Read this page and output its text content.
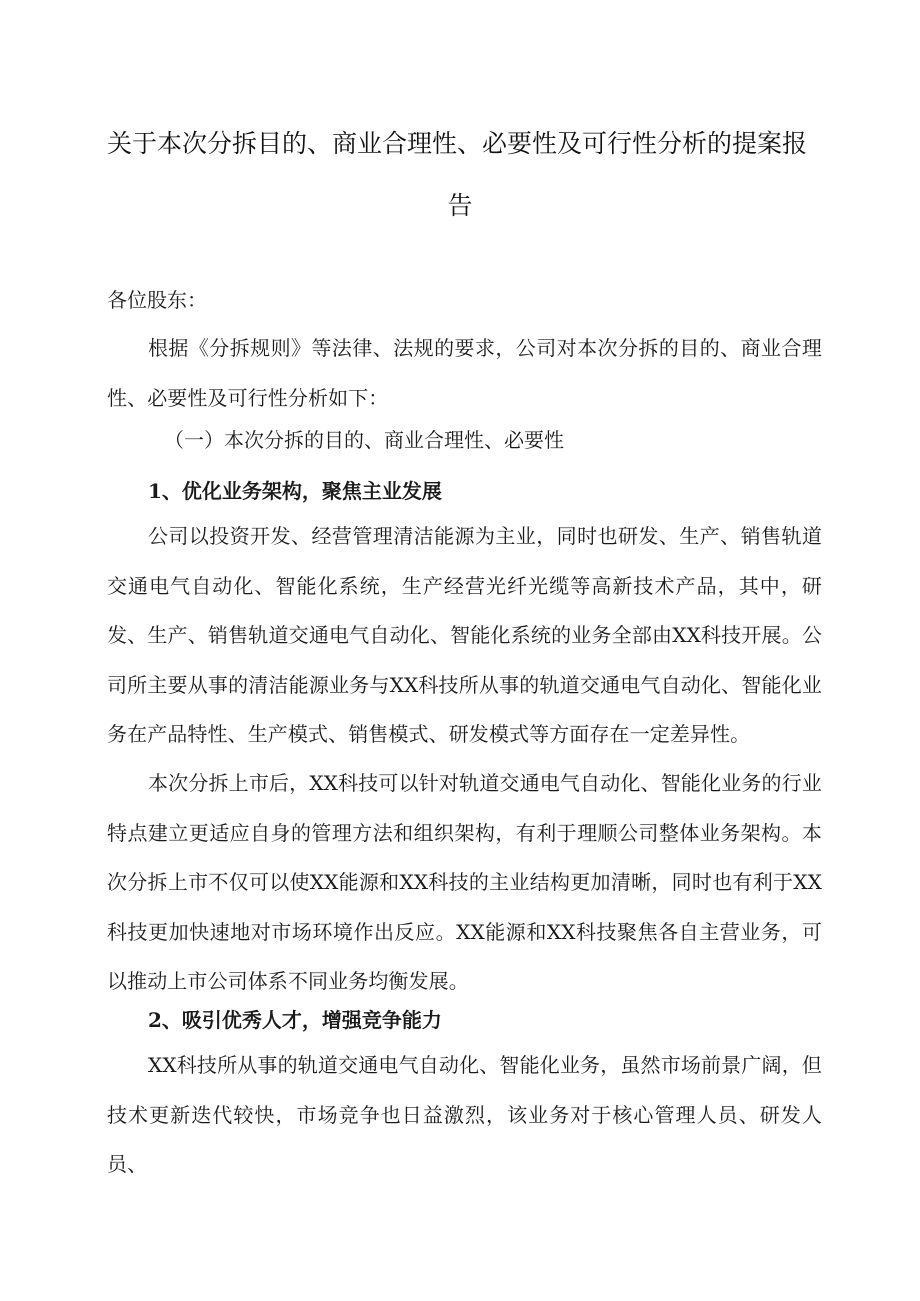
关于本次分拆目的、商业合理性、必要性及可行性分析的提案报
告

各位股东：

根据《分拆规则》等法律、法规的要求，公司对本次分拆的目的、商业合理性、必要性及可行性分析如下：

（一）本次分拆的目的、商业合理性、必要性

1、优化业务架构，聚焦主业发展

公司以投资开发、经营管理清洁能源为主业，同时也研发、生产、销售轨道交通电气自动化、智能化系统，生产经营光纤光缆等高新技术产品，其中，研发、生产、销售轨道交通电气自动化、智能化系统的业务全部由XX科技开展。公司所主要从事的清洁能源业务与XX科技所从事的轨道交通电气自动化、智能化业务在产品特性、生产模式、销售模式、研发模式等方面存在一定差异性。

本次分拆上市后，XX科技可以针对轨道交通电气自动化、智能化业务的行业特点建立更适应自身的管理方法和组织架构，有利于理顺公司整体业务架构。本次分拆上市不仅可以使XX能源和XX科技的主业结构更加清晰，同时也有利于XX科技更加快速地对市场环境作出反应。XX能源和XX科技聚焦各自主营业务，可以推动上市公司体系不同业务均衡发展。

2、吸引优秀人才，增强竞争能力

XX科技所从事的轨道交通电气自动化、智能化业务，虽然市场前景广阔，但技术更新迭代较快，市场竞争也日益激烈，该业务对于核心管理人员、研发人员、
